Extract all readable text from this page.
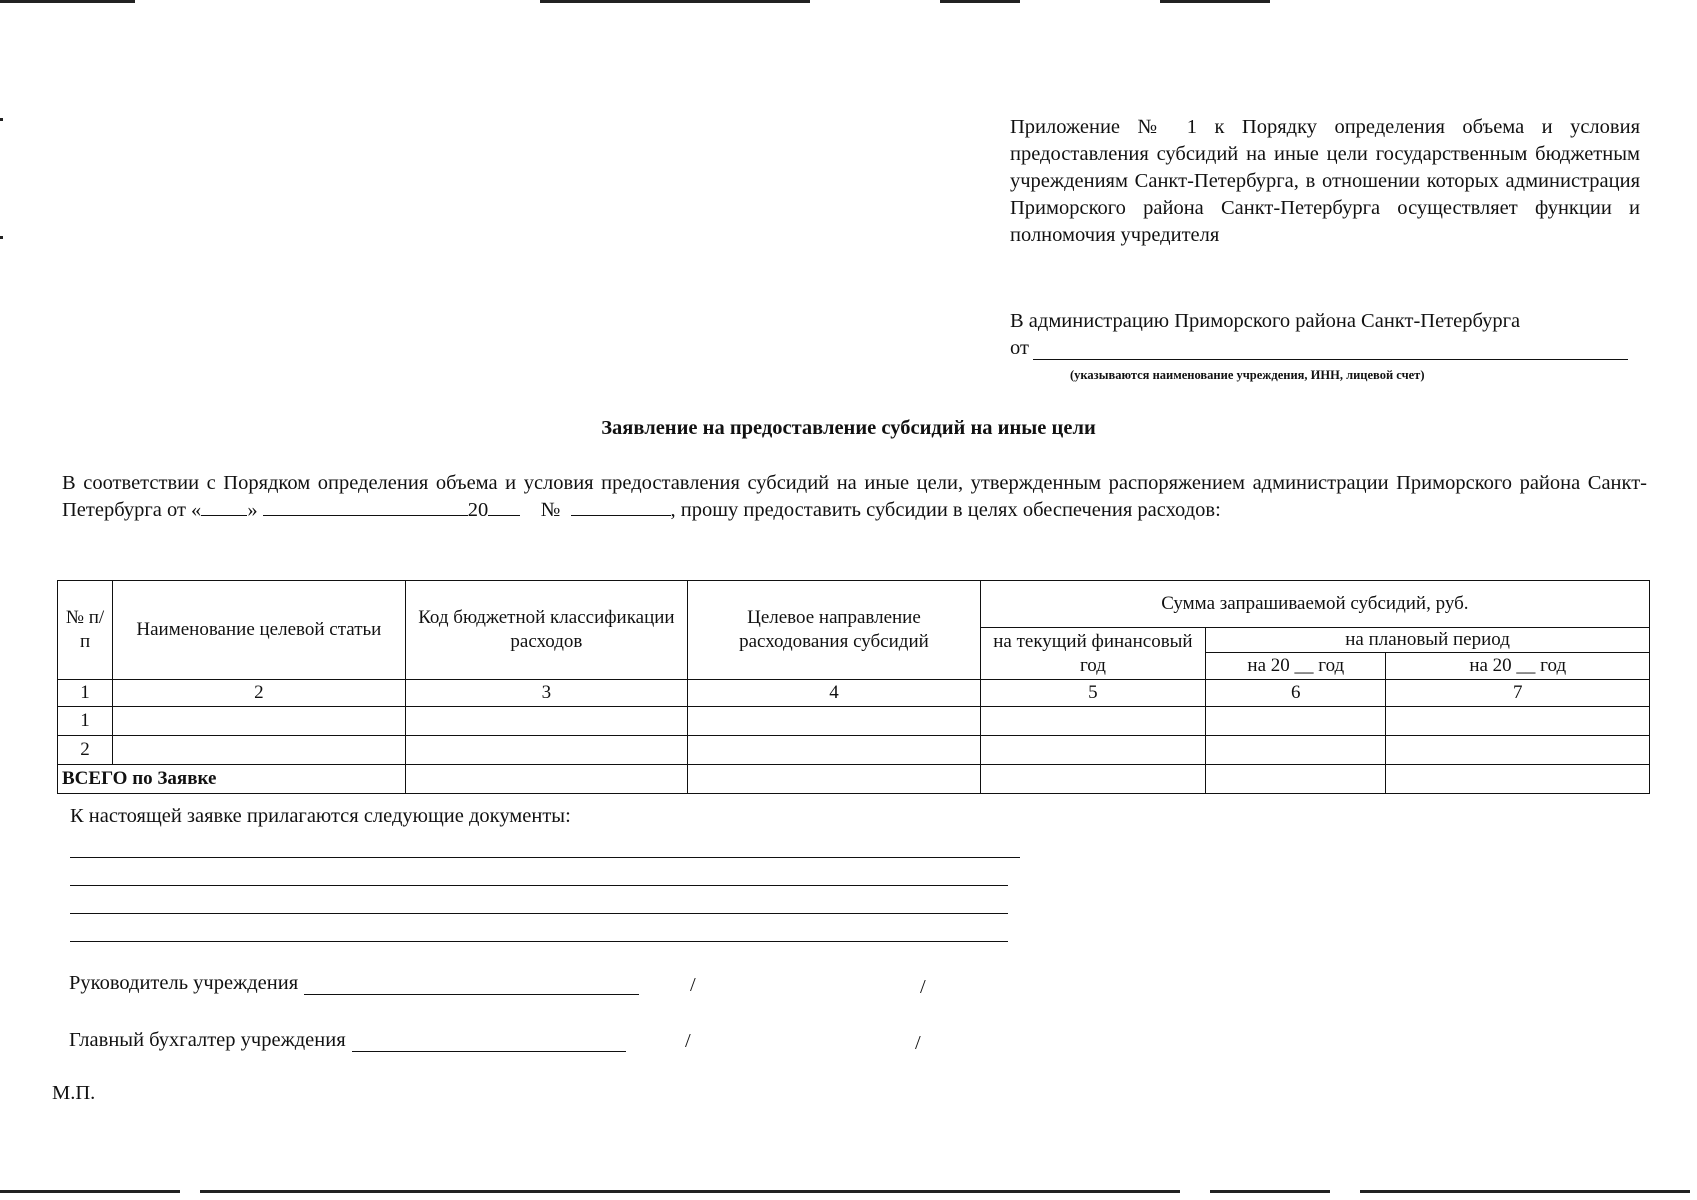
Приложение № 1 к Порядку определения объема и условия предоставления субсидий на иные цели государственным бюджетным учреждениям Санкт-Петербурга, в отношении которых администрация Приморского района Санкт-Петербурга осуществляет функции и полномочия учредителя
В администрацию Приморского района Санкт-Петербурга
от
(указываются наименование учреждения, ИНН, лицевой счет)
Заявление на предоставление субсидий на иные цели
В соответствии с Порядком определения объема и условия предоставления субсидий на иные цели, утвержденным распоряжением администрации Приморского района Санкт-Петербурга от « »	20	№	, прошу предоставить субсидии в целях обеспечения расходов:
№ п/п	Наименование целевой статьи	Код бюджетной классификации расходов	Целевое направление расходования субсидий	Сумма запрашиваемой субсидий, руб.		
				на текущий финансовый год	на плановый период	
					на 20 __ год	на 20 __ год
1	2	3	4	5	6	7
1						
2						
ВСЕГО по Заявке						
К настоящей заявке прилагаются следующие документы:
Руководитель учреждения	/	/
Главный бухгалтер учреждения	/	/
М.П.
